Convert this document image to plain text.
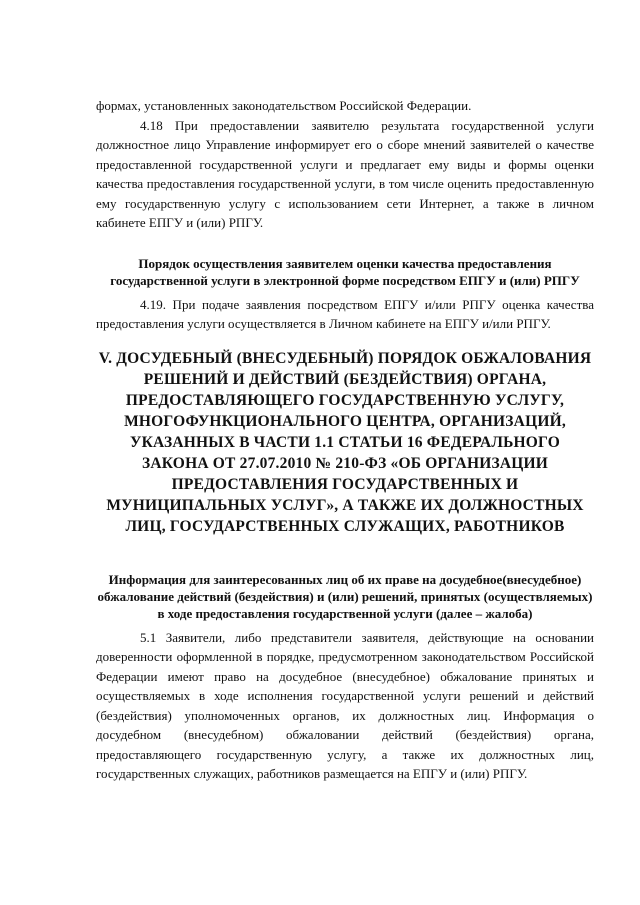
формах, установленных законодательством Российской Федерации.

4.18 При предоставлении заявителю результата государственной услуги должностное лицо Управление информирует его о сборе мнений заявителей о качестве предоставленной государственной услуги и предлагает ему виды и формы оценки качества предоставления государственной услуги, в том числе оценить предоставленную ему государственную услугу с использованием сети Интернет, а также в личном кабинете ЕПГУ и (или) РПГУ.

Порядок осуществления заявителем оценки качества предоставления государственной услуги в электронной форме посредством ЕПГУ и (или) РПГУ

4.19. При подаче заявления посредством ЕПГУ и/или РПГУ оценка качества предоставления услуги осуществляется в Личном кабинете на ЕПГУ и/или РПГУ.

V. ДОСУДЕБНЫЙ (ВНЕСУДЕБНЫЙ) ПОРЯДОК ОБЖАЛОВАНИЯ РЕШЕНИЙ И ДЕЙСТВИЙ (БЕЗДЕЙСТВИЯ) ОРГАНА, ПРЕДОСТАВЛЯЮЩЕГО ГОСУДАРСТВЕННУЮ УСЛУГУ, МНОГОФУНКЦИОНАЛЬНОГО ЦЕНТРА, ОРГАНИЗАЦИЙ, УКАЗАННЫХ В ЧАСТИ 1.1 СТАТЬИ 16 ФЕДЕРАЛЬНОГО ЗАКОНА ОТ 27.07.2010 № 210-ФЗ «ОБ ОРГАНИЗАЦИИ ПРЕДОСТАВЛЕНИЯ ГОСУДАРСТВЕННЫХ И МУНИЦИПАЛЬНЫХ УСЛУГ», А ТАКЖЕ ИХ ДОЛЖНОСТНЫХ ЛИЦ, ГОСУДАРСТВЕННЫХ СЛУЖАЩИХ, РАБОТНИКОВ
Информация для заинтересованных лиц об их праве на досудебное(внесудебное) обжалование действий (бездействия) и (или) решений, принятых (осуществляемых) в ходе предоставления государственной услуги (далее – жалоба)

5.1 Заявители, либо представители заявителя, действующие на основании доверенности оформленной в порядке, предусмотренном законодательством Российской Федерации имеют право на досудебное (внесудебное) обжалование принятых и осуществляемых в ходе исполнения государственной услуги решений и действий (бездействия) уполномоченных органов, их должностных лиц. Информация о досудебном (внесудебном) обжаловании действий (бездействия) органа, предоставляющего государственную услугу, а также их должностных лиц, государственных служащих, работников размещается на ЕПГУ и (или) РПГУ.
